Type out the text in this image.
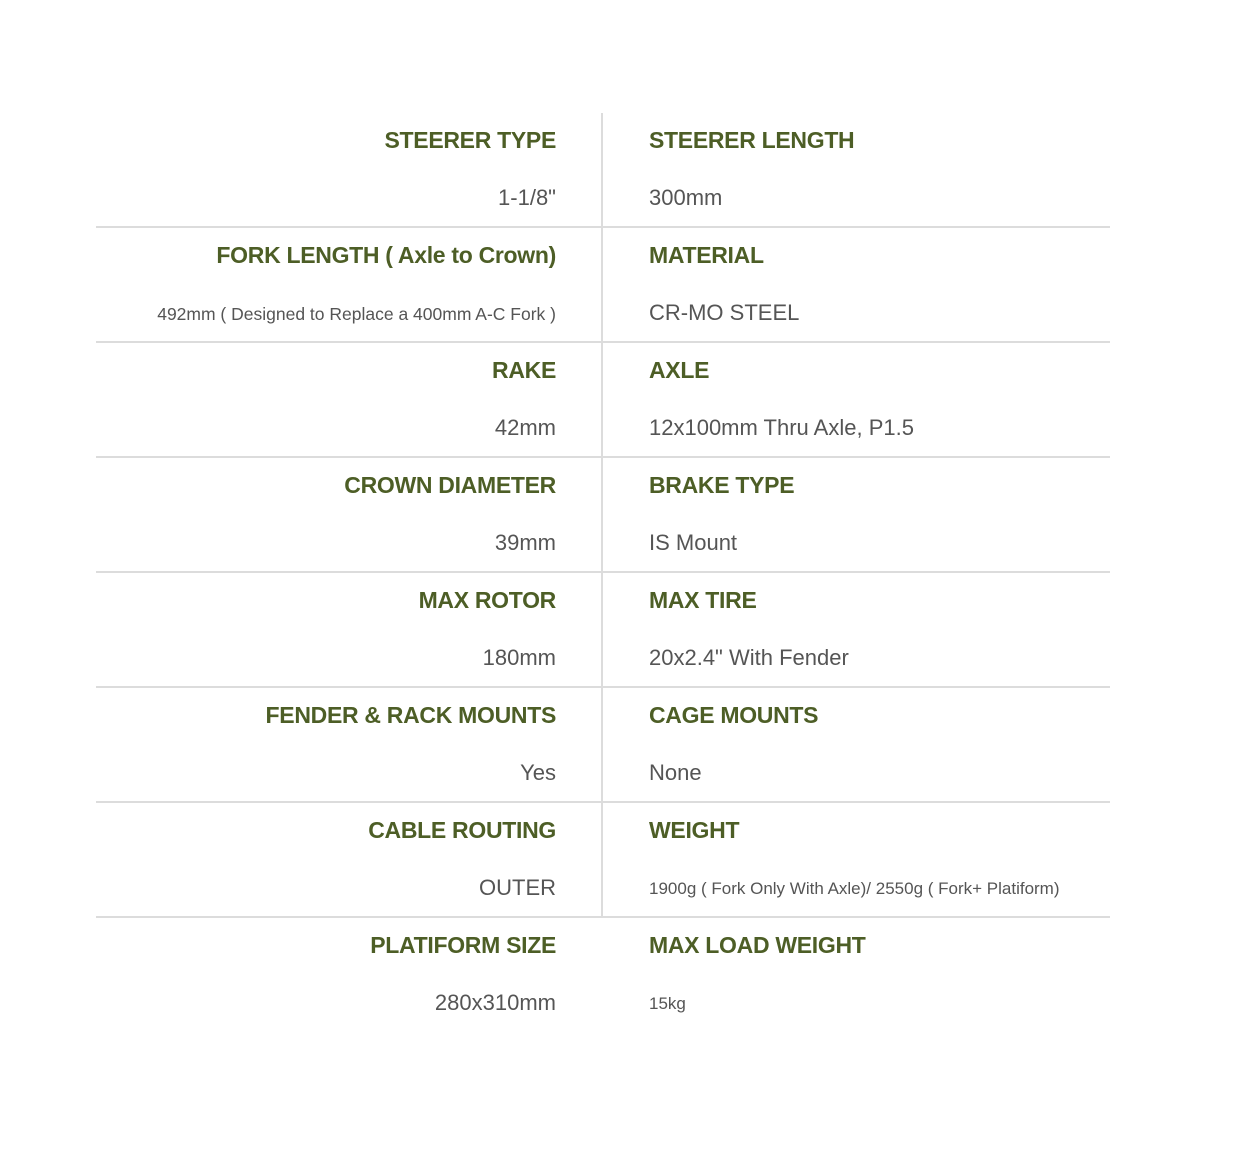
STEERER TYPE
1-1/8"
STEERER LENGTH
300mm
FORK LENGTH ( Axle to Crown)
492mm ( Designed to Replace a 400mm A-C Fork )
MATERIAL
CR-MO STEEL
RAKE
42mm
AXLE
12x100mm Thru Axle, P1.5
CROWN DIAMETER
39mm
BRAKE TYPE
IS Mount
MAX ROTOR
180mm
MAX TIRE
20x2.4" With Fender
FENDER & RACK MOUNTS
Yes
CAGE MOUNTS
None
CABLE ROUTING
OUTER
WEIGHT
1900g ( Fork Only With Axle)/ 2550g ( Fork+ Platiform)
PLATIFORM SIZE
280x310mm
MAX LOAD WEIGHT
15kg
